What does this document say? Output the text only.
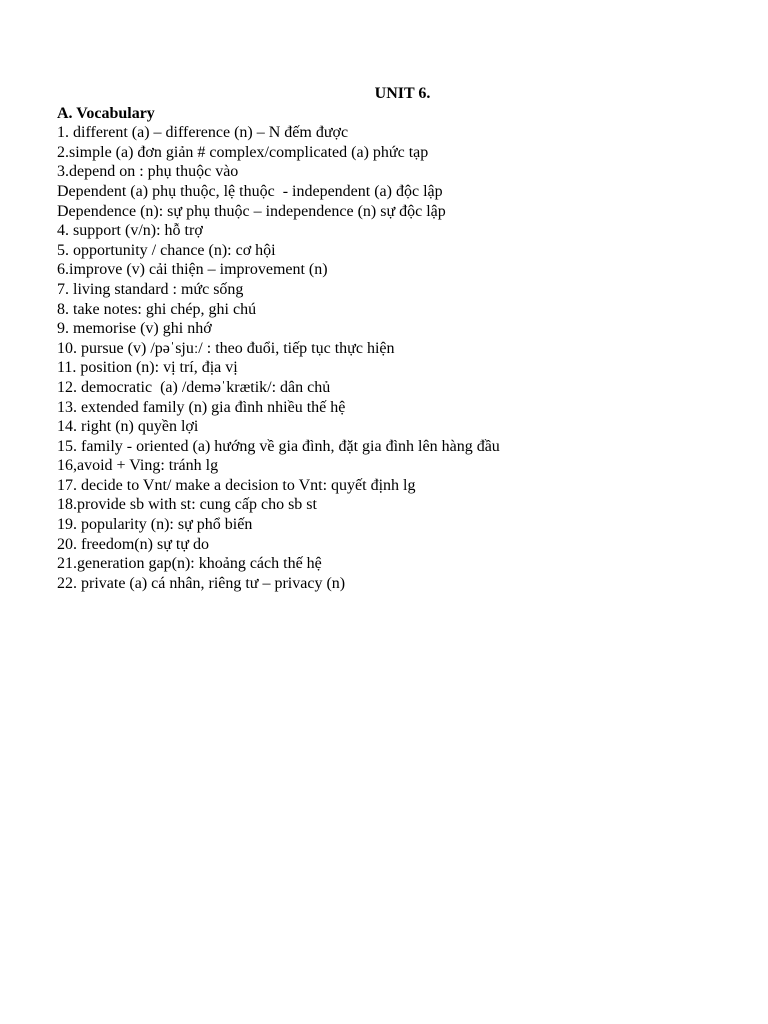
UNIT 6.
A. Vocabulary
1. different (a) – difference (n) – N đếm được
2.simple (a) đơn giản # complex/complicated (a) phức tạp
3.depend on : phụ thuộc vào
Dependent (a) phụ thuộc, lệ thuộc  - independent (a) độc lập
Dependence (n): sự phụ thuộc – independence (n) sự độc lập
4. support (v/n): hỗ trợ
5. opportunity / chance (n): cơ hội
6.improve (v) cải thiện – improvement (n)
7. living standard : mức sống
8. take notes: ghi chép, ghi chú
9. memorise (v) ghi nhớ
10. pursue (v) /pəˈsjuː/ : theo đuổi, tiếp tục thực hiện
11. position (n): vị trí, địa vị
12. democratic  (a) /deməˈkrætik/: dân chủ
13. extended family (n) gia đình nhiều thế hệ
14. right (n) quyền lợi
15. family - oriented (a) hướng về gia đình, đặt gia đình lên hàng đầu
16,avoid + Ving: tránh lg
17. decide to Vnt/ make a decision to Vnt: quyết định lg
18.provide sb with st: cung cấp cho sb st
19. popularity (n): sự phổ biến
20. freedom(n) sự tự do
21.generation gap(n): khoảng cách thế hệ
22. private (a) cá nhân, riêng tư – privacy (n)
